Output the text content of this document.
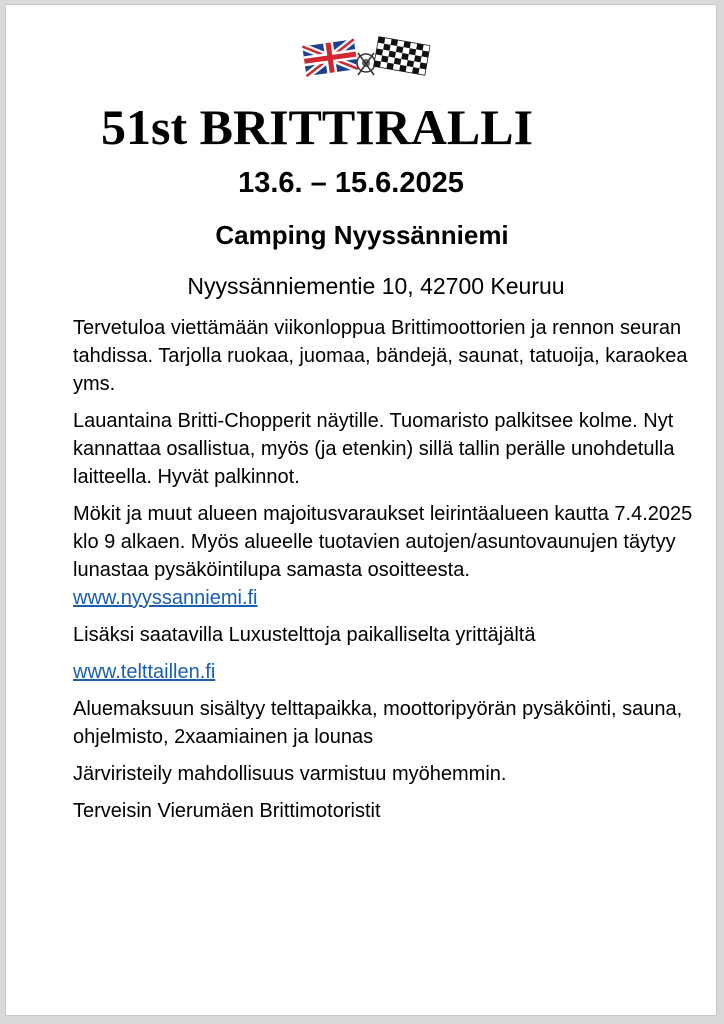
51st BRITTIRALLI
13.6. – 15.6.2025
Camping Nyyssänniemi
Nyyssänniementie 10, 42700 Keuruu

Tervetuloa viettämään viikonloppua Brittimoottorien ja rennon seuran tahdissa. Tarjolla ruokaa, juomaa, bändejä, saunat, tatuoija, karaokea yms.

Lauantaina Britti-Chopperit näytille. Tuomaristo palkitsee kolme. Nyt kannattaa osallistua, myös (ja etenkin) sillä tallin perälle unohdetulla laitteella. Hyvät palkinnot.

Mökit ja muut alueen majoitusvaraukset leirintäalueen kautta 7.4.2025 klo 9 alkaen. Myös alueelle tuotavien autojen/asuntovaunujen täytyy lunastaa pysäköintilupa samasta osoitteesta.
www.nyyssanniemi.fi

Lisäksi saatavilla Luxustelttoja paikalliselta yrittäjältä

www.telttaillen.fi

Aluemaksuun sisältyy telttapaikka, moottoripyörän pysäköinti, sauna, ohjelmisto, 2xaamiainen ja lounas

Järviristeily mahdollisuus varmistuu myöhemmin.

Terveisin Vierumäen Brittimotoristit
